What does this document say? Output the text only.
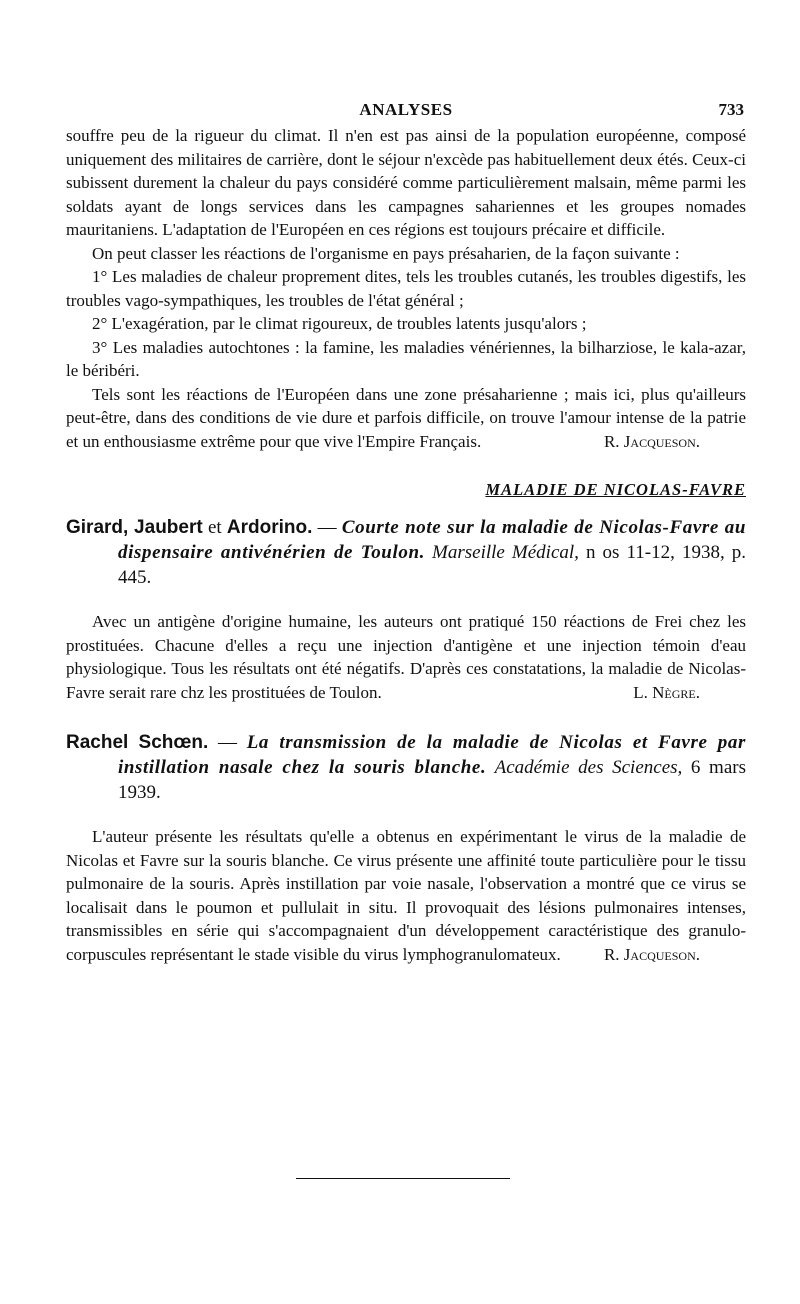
ANALYSES	733

souffre peu de la rigueur du climat. Il n'en est pas ainsi de la population européenne, composé uniquement des militaires de carrière, dont le séjour n'excède pas habituellement deux étés. Ceux-ci subissent durement la chaleur du pays considéré comme particulièrement malsain, même parmi les soldats ayant de longs services dans les campagnes sahariennes et les groupes nomades mauritaniens. L'adaptation de l'Européen en ces régions est toujours précaire et difficile.

On peut classer les réactions de l'organisme en pays présaharien, de la façon suivante :

1° Les maladies de chaleur proprement dites, tels les troubles cutanés, les troubles digestifs, les troubles vago-sympathiques, les troubles de l'état général ;

2° L'exagération, par le climat rigoureux, de troubles latents jusqu'alors ;

3° Les maladies autochtones : la famine, les maladies vénériennes, la bilharziose, le kala-azar, le béribéri.

Tels sont les réactions de l'Européen dans une zone présaharienne ; mais ici, plus qu'ailleurs peut-être, dans des conditions de vie dure et parfois difficile, on trouve l'amour intense de la patrie et un enthousiasme extrême pour que vive l'Empire Français.	R. Jacqueson.

MALADIE DE NICOLAS-FAVRE

Girard, Jaubert et Ardorino. — Courte note sur la maladie de Nicolas-Favre au dispensaire antivénérien de Toulon. Marseille Médical, n os 11-12, 1938, p. 445.

Avec un antigène d'origine humaine, les auteurs ont pratiqué 150 réactions de Frei chez les prostituées. Chacune d'elles a reçu une injection d'antigène et une injection témoin d'eau physiologique. Tous les résultats ont été négatifs. D'après ces constatations, la maladie de Nicolas-Favre serait rare chz les prostituées de Toulon.	L. Nègre.

Rachel Schœn. — La transmission de la maladie de Nicolas et Favre par instillation nasale chez la souris blanche. Académie des Sciences, 6 mars 1939.

L'auteur présente les résultats qu'elle a obtenus en expérimentant le virus de la maladie de Nicolas et Favre sur la souris blanche. Ce virus présente une affinité toute particulière pour le tissu pulmonaire de la souris. Après instillation par voie nasale, l'observation a montré que ce virus se localisait dans le poumon et pullulait in situ. Il provoquait des lésions pulmonaires intenses, transmissibles en série qui s'accompagnaient d'un développement caractéristique des granulo-corpuscules représentant le stade visible du virus lymphogranulomateux.	R. Jacqueson.
